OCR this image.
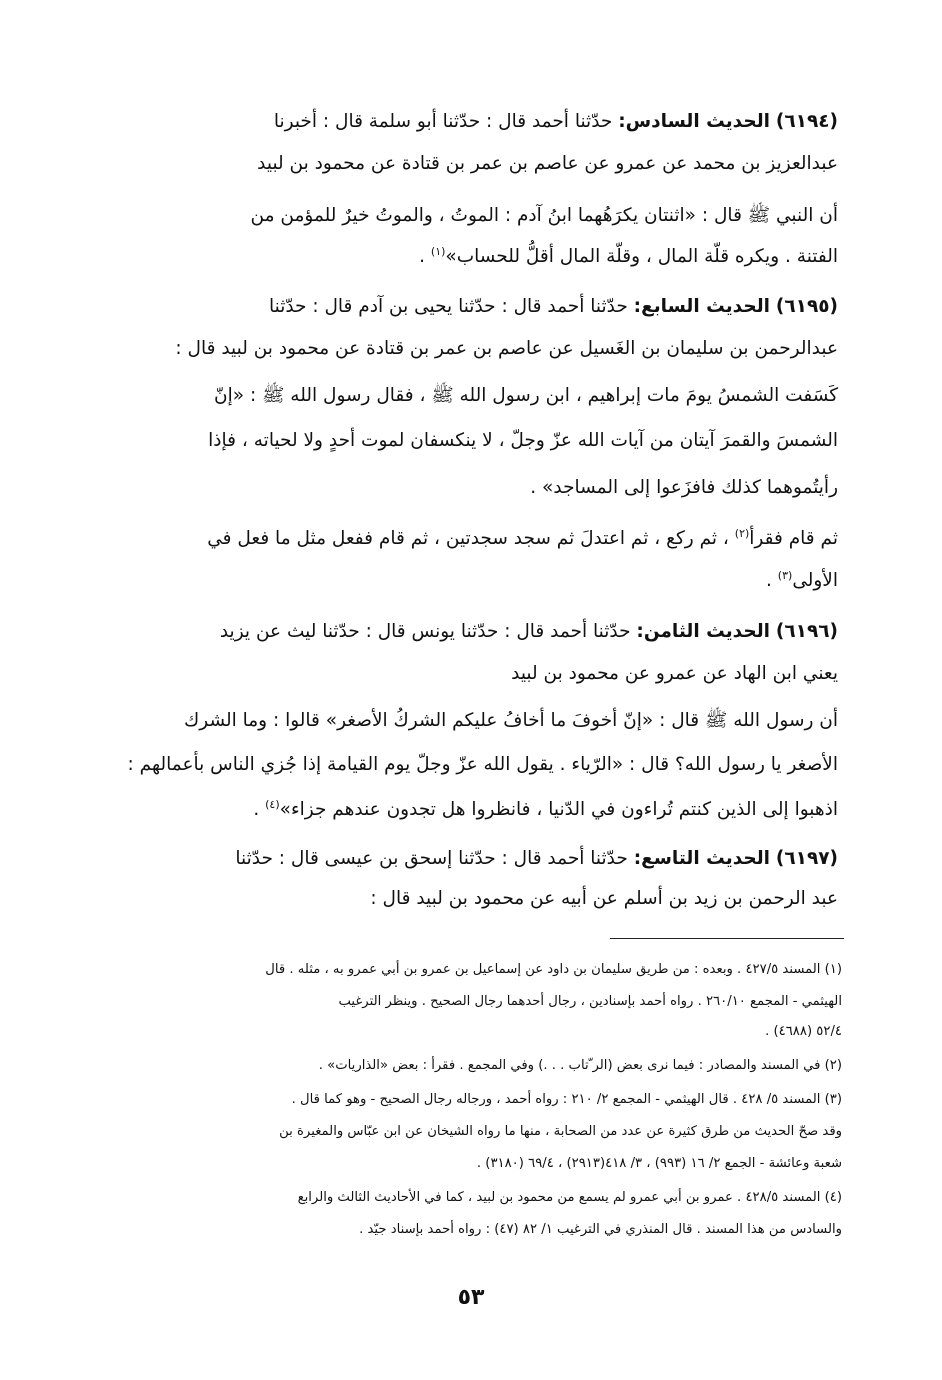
(٦١٩٤) الحديث السادس: حدّثنا أحمد قال : حدّثنا أبو سلمة قال : أخبرنا
عبدالعزيز بن محمد عن عمرو عن عاصم بن عمر بن قتادة عن محمود بن لبيد
أن النبي ﷺ قال : «اثنتان يكرَهُهما ابنُ آدم : الموتُ ، والموتُ خيرٌ للمؤمن من
الفتنة . ويكره قلّة المال ، وقلّة المال أقلُّ للحساب»$^{(١)}$ .
(٦١٩٥) الحديث السابع: حدّثنا أحمد قال : حدّثنا يحيى بن آدم قال : حدّثنا
عبدالرحمن بن سليمان بن الغَسيل عن عاصم بن عمر بن قتادة عن محمود بن لبيد قال :
كَسَفت الشمسُ يومَ مات إبراهيم ، ابن رسول الله ﷺ ، فقال رسول الله ﷺ : «إنّ
الشمسَ والقمرَ آيتان من آيات الله عزّ وجلّ ، لا ينكسفان لموت أحدٍ ولا لحياته ، فإذا
رأيتُموهما كذلك فافزَعوا إلى المساجد» .
ثم قام فقرأ$^{(٢)}$ ، ثم ركع ، ثم اعتدلَ ثم سجد سجدتين ، ثم قام ففعل مثل ما فعل في
الأولى$^{(٣)}$ .
(٦١٩٦) الحديث الثامن: حدّثنا أحمد قال : حدّثنا يونس قال : حدّثنا ليث عن يزيد
يعني ابن الهاد عن عمرو عن محمود بن لبيد
أن رسول الله ﷺ قال : «إنّ أخوفَ ما أخافُ عليكم الشركُ الأصغر» قالوا : وما الشرك
الأصغر يا رسول الله؟ قال : «الرّياء . يقول الله عزّ وجلّ يوم القيامة إذا جُزي الناس بأعمالهم :
اذهبوا إلى الذين كنتم تُراءون في الدّنيا ، فانظروا هل تجدون عندهم جزاء»$^{(٤)}$ .
(٦١٩٧) الحديث التاسع: حدّثنا أحمد قال : حدّثنا إسحق بن عيسى قال : حدّثنا
عبد الرحمن بن زيد بن أسلم عن أبيه عن محمود بن لبيد قال :
(١) المسند ٤٢٧/٥ . وبعده : من طريق سليمان بن داود عن إسماعيل بن عمرو بن أبي عمرو به ، مثله . قال
الهيثمي - المجمع ٢٦٠/١٠ . رواه أحمد بإسنادين ، رجال أحدهما رجال الصحيح . وينظر الترغيب
٥٢/٤ (٤٦٨٨) .
(٢) في المسند والمصادر : فيما نرى بعض (الر ّتاب . . .) وفي المجمع . فقرأ : بعض «الذاريات» .
(٣) المسند ٥/ ٤٢٨ . قال الهيثمي - المجمع ٢/ ٢١٠ : رواه أحمد ، ورجاله رجال الصحيح - وهو كما قال .
وقد صحّ الحديث من طرق كثيرة عن عدد من الصحابة ، منها ما رواه الشيخان عن ابن عبّاس والمغيرة بن
شعبة وعائشة - الجمع ٢/ ١٦ (٩٩٣) ، ٣/ ٤١٨(٢٩١٣) ، ٦٩/٤ (٣١٨٠) .
(٤) المسند ٤٢٨/٥ . عمرو بن أبي عمرو لم يسمع من محمود بن لبيد ، كما في الأحاديث الثالث والرابع
والسادس من هذا المسند . قال المنذري في الترغيب ١/ ٨٢ (٤٧) : رواه أحمد بإسناد جيّد .
٥٣
